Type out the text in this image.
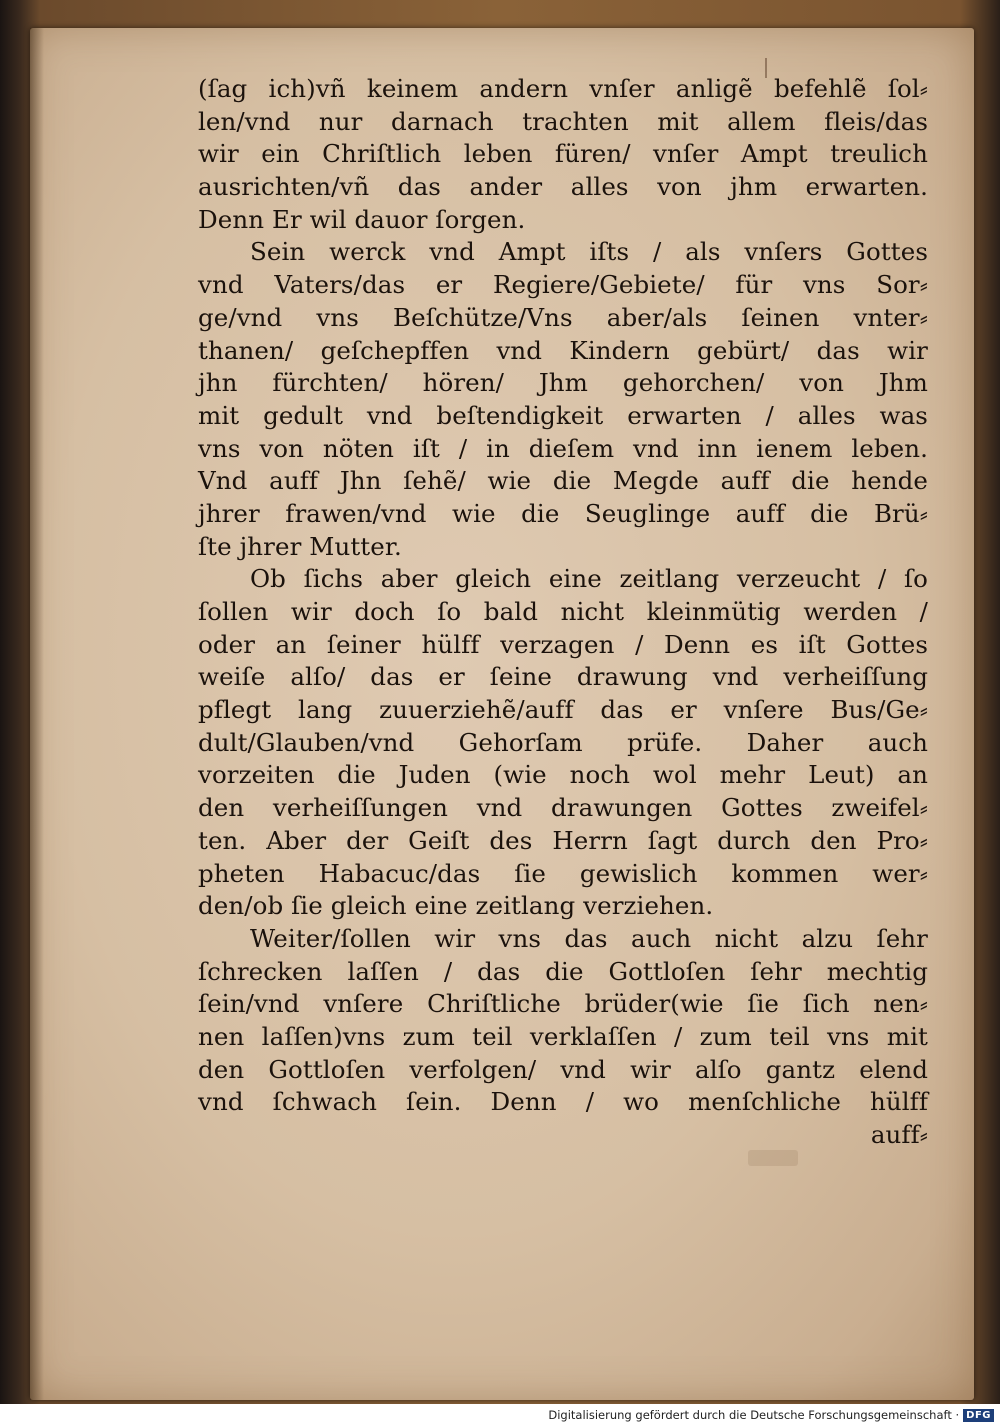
(ſag ich)vñ keinem andern vnſer anligẽ befehlẽ ſol⸗
len/vnd nur darnach trachten mit allem fleis/das
wir ein Chriſtlich leben füren/ vnſer Ampt treulich
ausrichten/vñ das ander alles von jhm erwarten.
Denn Er wil dauor ſorgen.
Sein werck vnd Ampt iſts / als vnſers Gottes
vnd Vaters/das er Regiere/Gebiete/ für vns Sor⸗
ge/vnd vns Beſchütze/Vns aber/als ſeinen vnter⸗
thanen/ geſchepffen vnd Kindern gebürt/ das wir
jhn fürchten/ hören/ Jhm gehorchen/ von Jhm
mit gedult vnd beſtendigkeit erwarten / alles was
vns von nöten iſt / in dieſem vnd inn ienem leben.
Vnd auff Jhn ſehẽ/ wie die Megde auff die hende
jhrer frawen/vnd wie die Seuglinge auff die Brü⸗
ſte jhrer Mutter.
Ob ſichs aber gleich eine zeitlang verzeucht / ſo
ſollen wir doch ſo bald nicht kleinmütig werden /
oder an ſeiner hülff verzagen / Denn es iſt Gottes
weiſe alſo/ das er ſeine drawung vnd verheiſſung
pflegt lang zuuerziehẽ/auff das er vnſere Bus/Ge⸗
dult/Glauben/vnd Gehorſam prüfe. Daher auch
vorzeiten die Juden (wie noch wol mehr Leut) an
den verheiſſungen vnd drawungen Gottes zweifel⸗
ten. Aber der Geiſt des Herrn ſagt durch den Pro⸗
pheten Habacuc/das ſie gewislich kommen wer⸗
den/ob ſie gleich eine zeitlang verziehen.
Weiter/ſollen wir vns das auch nicht alzu ſehr
ſchrecken laſſen / das die Gottloſen ſehr mechtig
ſein/vnd vnſere Chriſtliche brüder(wie ſie ſich nen⸗
nen laſſen)vns zum teil verklaſſen / zum teil vns mit
den Gottloſen verfolgen/ vnd wir alſo gantz elend
vnd ſchwach ſein. Denn / wo menſchliche hülff
auff⸗
Digitalisierung gefördert durch die Deutsche Forschungsgemeinschaft · DFG
